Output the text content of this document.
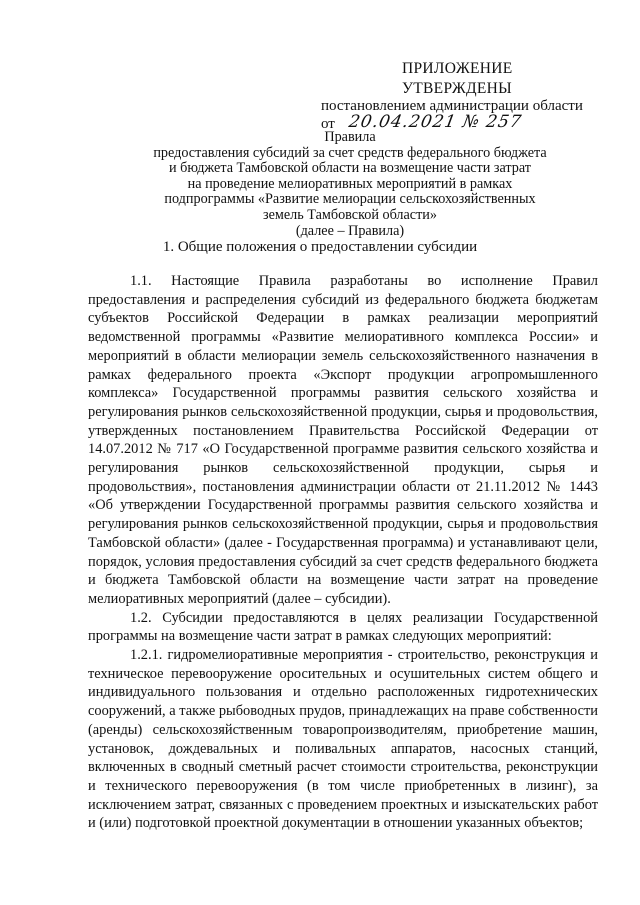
ПРИЛОЖЕНИЕ
УТВЕРЖДЕНЫ
постановлением администрации области
от 20.04.2021 № 257
Правила
предоставления субсидий за счет средств федерального бюджета
и бюджета Тамбовской области на возмещение части затрат
на проведение мелиоративных мероприятий в рамках
подпрограммы «Развитие мелиорации сельскохозяйственных
земель Тамбовской области»
(далее – Правила)
1. Общие положения о предоставлении субсидии

1.1. Настоящие Правила разработаны во исполнение Правил предоставления и распределения субсидий из федерального бюджета бюджетам субъектов Российской Федерации в рамках реализации мероприятий ведомственной программы «Развитие мелиоративного комплекса России» и мероприятий в области мелиорации земель сельскохозяйственного назначения в рамках федерального проекта «Экспорт продукции агропромышленного комплекса» Государственной программы развития сельского хозяйства и регулирования рынков сельскохозяйственной продукции, сырья и продовольствия, утвержденных постановлением Правительства Российской Федерации от 14.07.2012 № 717 «О Государственной программе развития сельского хозяйства и регулирования рынков сельскохозяйственной продукции, сырья и продовольствия», постановления администрации области от 21.11.2012 № 1443 «Об утверждении Государственной программы развития сельского хозяйства и регулирования рынков сельскохозяйственной продукции, сырья и продовольствия Тамбовской области» (далее - Государственная программа) и устанавливают цели, порядок, условия предоставления субсидий за счет средств федерального бюджета и бюджета Тамбовской области на возмещение части затрат на проведение мелиоративных мероприятий (далее – субсидии).

1.2. Субсидии предоставляются в целях реализации Государственной программы на возмещение части затрат в рамках следующих мероприятий:

1.2.1. гидромелиоративные мероприятия - строительство, реконструкция и техническое перевооружение оросительных и осушительных систем общего и индивидуального пользования и отдельно расположенных гидротехнических сооружений, а также рыбоводных прудов, принадлежащих на праве собственности (аренды) сельскохозяйственным товаропроизводителям, приобретение машин, установок, дождевальных и поливальных аппаратов, насосных станций, включенных в сводный сметный расчет стоимости строительства, реконструкции и технического перевооружения (в том числе приобретенных в лизинг), за исключением затрат, связанных с проведением проектных и изыскательских работ и (или) подготовкой проектной документации в отношении указанных объектов;
